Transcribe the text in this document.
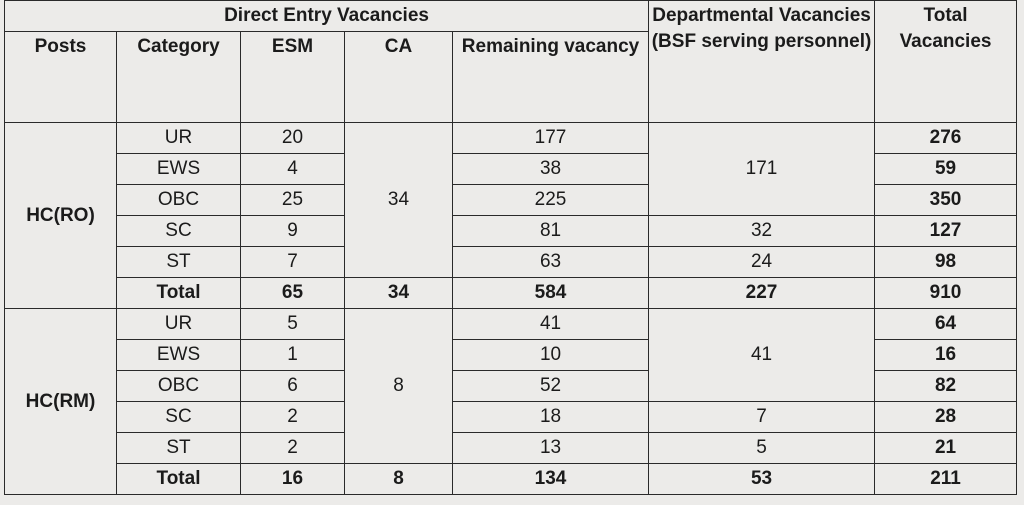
Direct Entry Vacancies					Departmental Vacancies (BSF serving personnel)	Total Vacancies
Posts	Category	ESM	CA	Remaining vacancy		
HC(RO)	UR	20	34	177	171	276
	EWS	4		38		59
	OBC	25		225		350
	SC	9		81	32	127
	ST	7		63	24	98
	Total	65	34	584	227	910
HC(RM)	UR	5	8	41	41	64
	EWS	1		10		16
	OBC	6		52		82
	SC	2		18	7	28
	ST	2		13	5	21
	Total	16	8	134	53	211
